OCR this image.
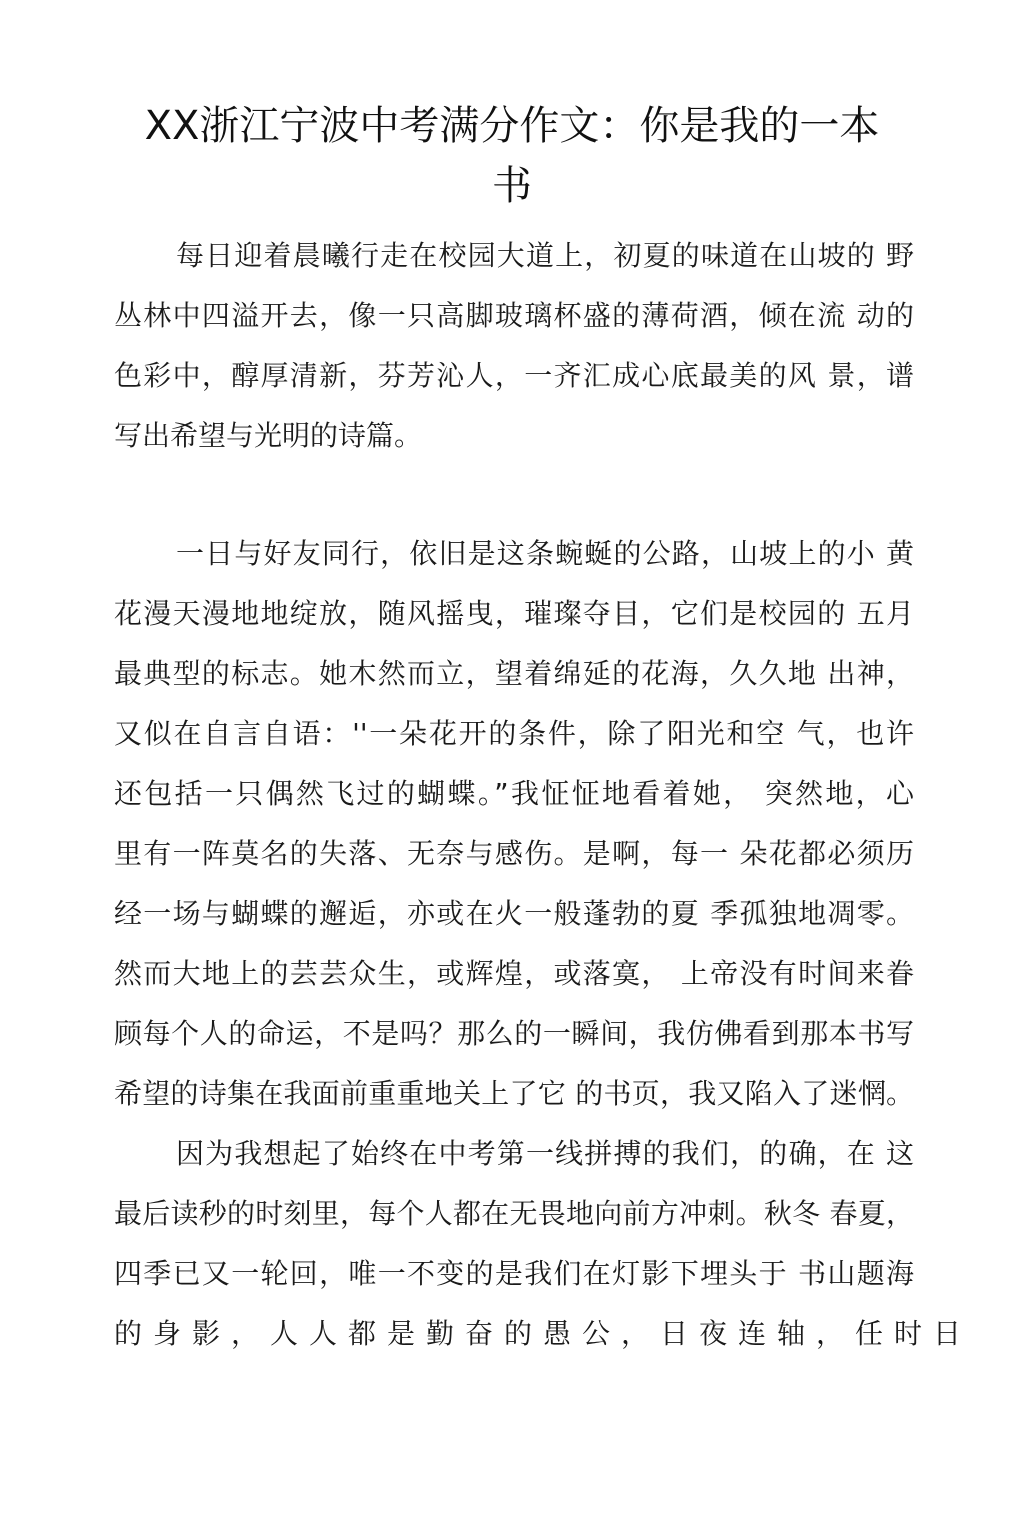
XX浙江宁波中考满分作文：你是我的一本
书
每日迎着晨曦行走在校园大道上，初夏的味道在山坡的 野
丛林中四溢开去，像一只高脚玻璃杯盛的薄荷酒，倾在流 动的
色彩中，醇厚清新，芬芳沁人，一齐汇成心底最美的风 景，谱
写出希望与光明的诗篇。
一日与好友同行，依旧是这条蜿蜒的公路，山坡上的小 黄
花漫天漫地地绽放，随风摇曳，璀璨夺目，它们是校园的 五月
最典型的标志。她木然而立，望着绵延的花海，久久地 出神，
又似在自言自语：''一朵花开的条件，除了阳光和空 气，也许
还包括一只偶然飞过的蝴蝶。”我怔怔地看着她， 突然地，心
里有一阵莫名的失落、无奈与感伤。是啊，每一 朵花都必须历
经一场与蝴蝶的邂逅，亦或在火一般蓬勃的夏 季孤独地凋零。
然而大地上的芸芸众生，或辉煌，或落寞， 上帝没有时间来眷
顾每个人的命运，不是吗？那么的一瞬间，我仿佛看到那本书写
希望的诗集在我面前重重地关上了它 的书页，我又陷入了迷惘。
因为我想起了始终在中考第一线拼搏的我们，的确，在 这
最后读秒的时刻里，每个人都在无畏地向前方冲刺。秋冬 春夏，
四季已又一轮回，唯一不变的是我们在灯影下埋头于 书山题海
的身影，人人都是勤奋的愚公，日夜连轴，任时日
